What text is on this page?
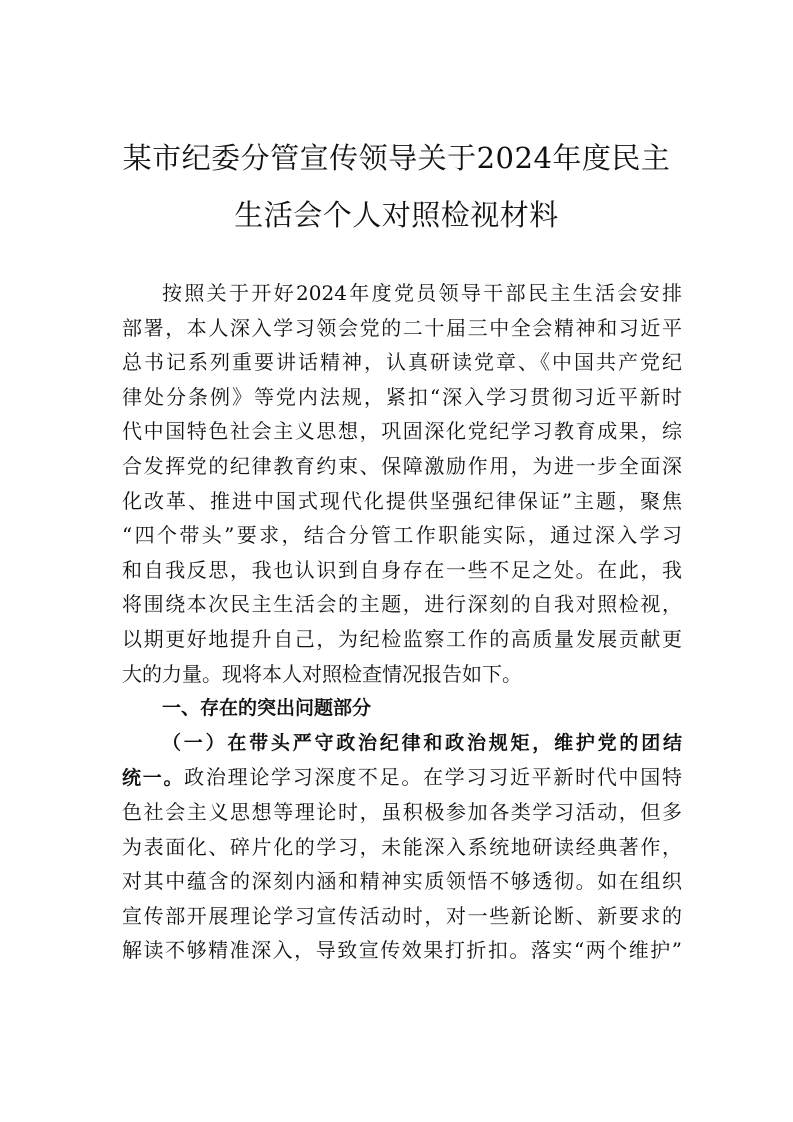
某市纪委分管宣传领导关于2024年度民主
生活会个人对照检视材料
按照关于开好2024年度党员领导干部民主生活会安排
部署，本人深入学习领会党的二十届三中全会精神和习近平
总书记系列重要讲话精神，认真研读党章、《中国共产党纪
律处分条例》等党内法规，紧扣“深入学习贯彻习近平新时
代中国特色社会主义思想，巩固深化党纪学习教育成果，综
合发挥党的纪律教育约束、保障激励作用，为进一步全面深
化改革、推进中国式现代化提供坚强纪律保证”主题，聚焦
“四个带头”要求，结合分管工作职能实际，通过深入学习
和自我反思，我也认识到自身存在一些不足之处。在此，我
将围绕本次民主生活会的主题，进行深刻的自我对照检视，
以期更好地提升自己，为纪检监察工作的高质量发展贡献更
大的力量。现将本人对照检查情况报告如下。
一、存在的突出问题部分
（一）在带头严守政治纪律和政治规矩，维护党的团结
统一。政治理论学习深度不足。在学习习近平新时代中国特
色社会主义思想等理论时，虽积极参加各类学习活动，但多
为表面化、碎片化的学习，未能深入系统地研读经典著作，
对其中蕴含的深刻内涵和精神实质领悟不够透彻。如在组织
宣传部开展理论学习宣传活动时，对一些新论断、新要求的
解读不够精准深入，导致宣传效果打折扣。落实“两个维护”
